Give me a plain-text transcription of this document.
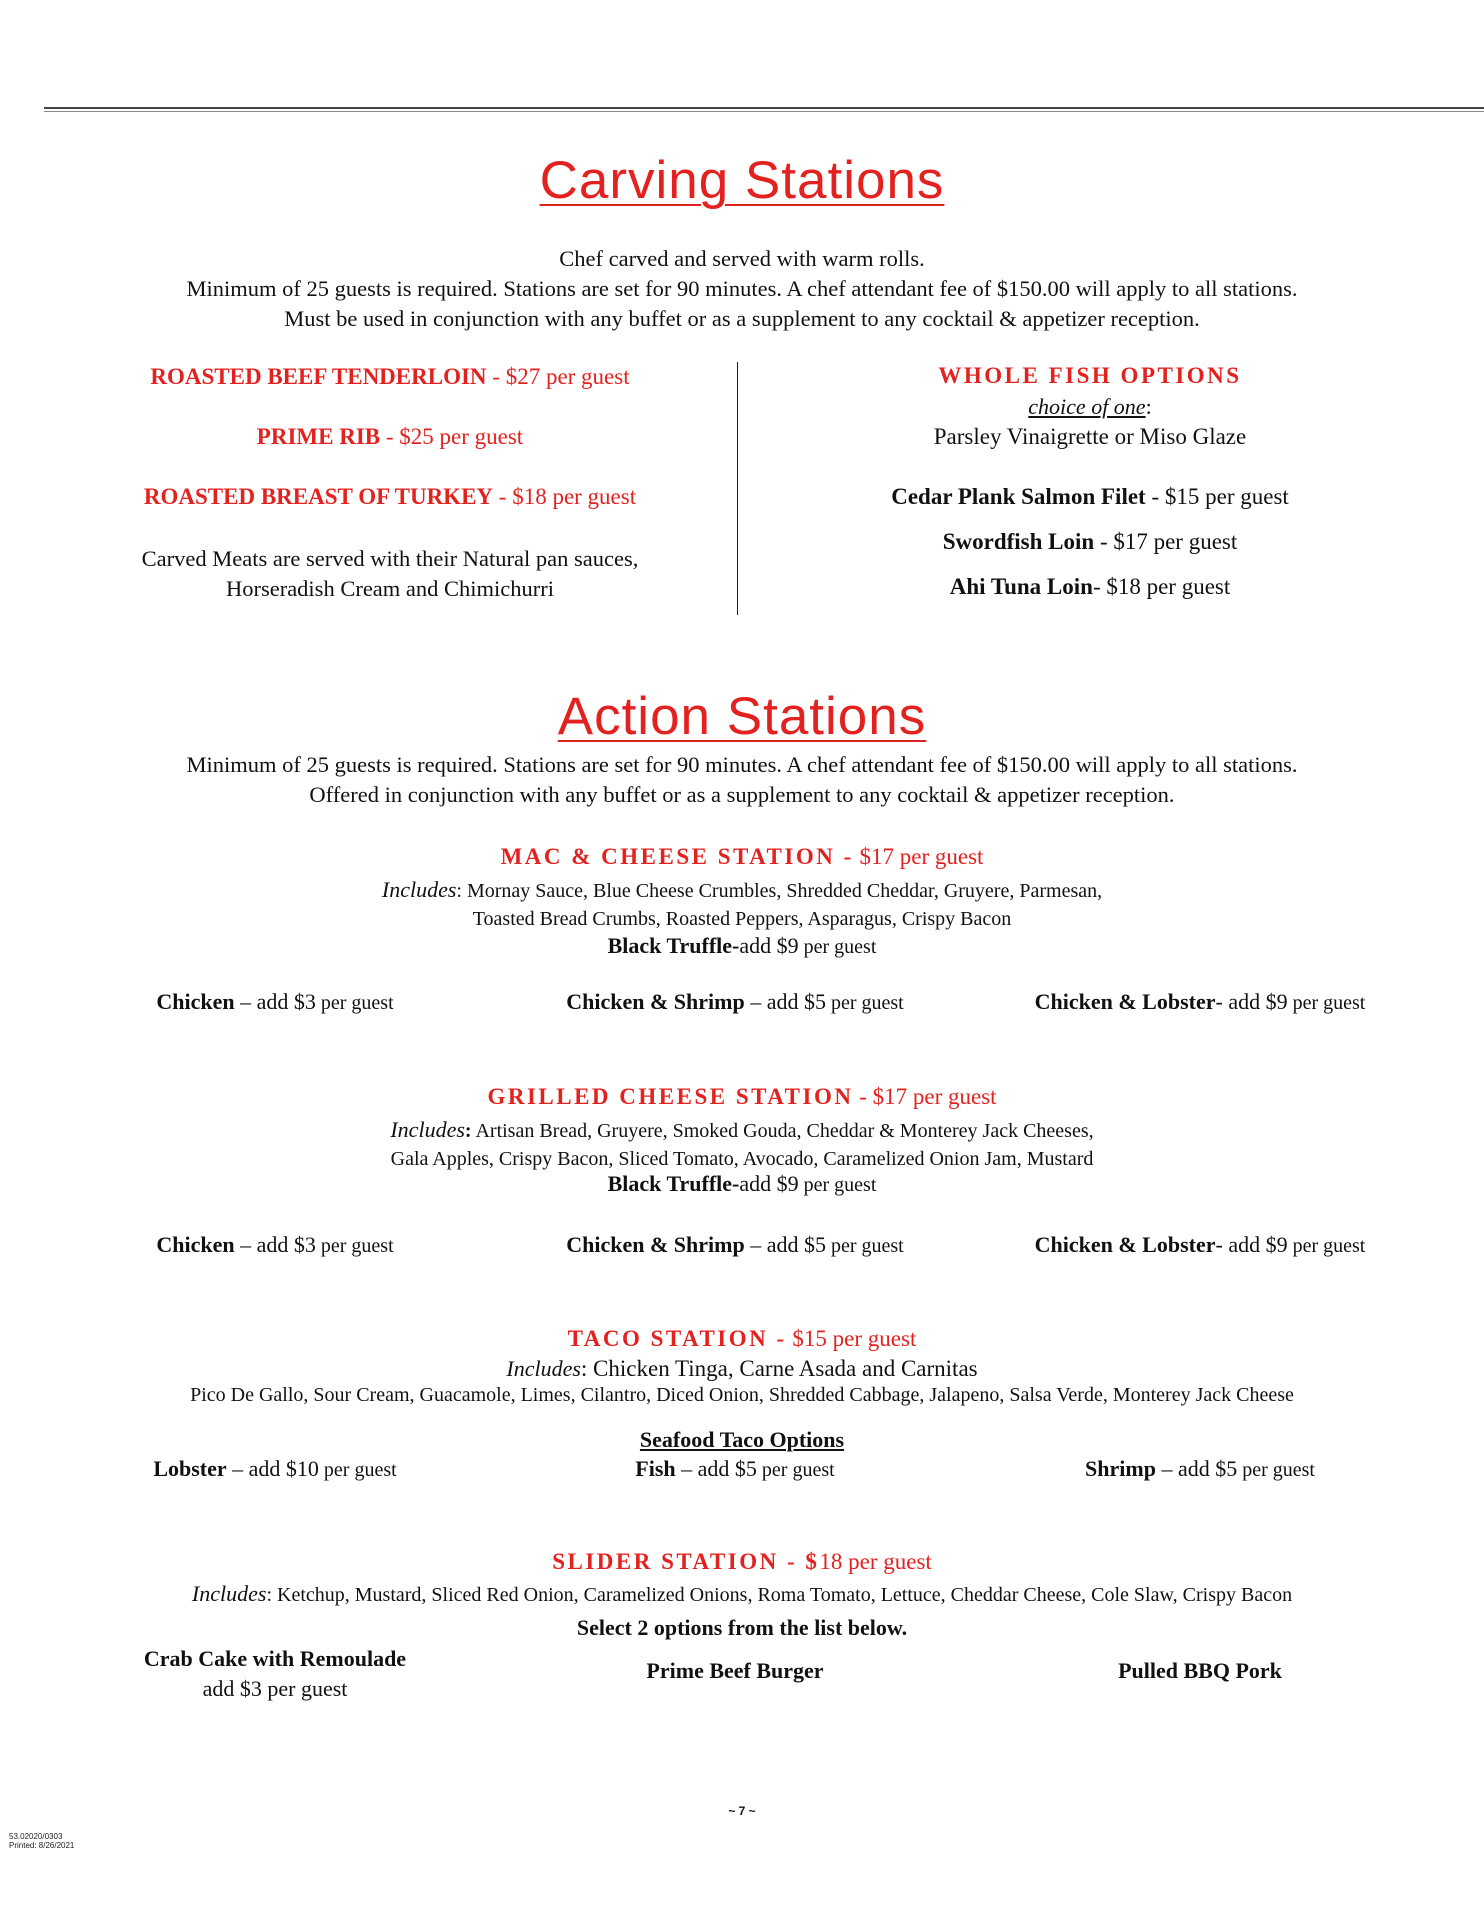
Carving Stations
Chef carved and served with warm rolls.
Minimum of 25 guests is required. Stations are set for 90 minutes. A chef attendant fee of $150.00 will apply to all stations.
Must be used in conjunction with any buffet or as a supplement to any cocktail & appetizer reception.
ROASTED BEEF TENDERLOIN - $27 per guest
PRIME RIB - $25 per guest
ROASTED BREAST OF TURKEY - $18 per guest
Carved Meats are served with their Natural pan sauces,
Horseradish Cream and Chimichurri
WHOLE FISH OPTIONS
choice of one:
Parsley Vinaigrette or Miso Glaze
Cedar Plank Salmon Filet - $15 per guest
Swordfish Loin - $17 per guest
Ahi Tuna Loin- $18 per guest
Action Stations
Minimum of 25 guests is required. Stations are set for 90 minutes. A chef attendant fee of $150.00 will apply to all stations.
Offered in conjunction with any buffet or as a supplement to any cocktail & appetizer reception.
MAC & CHEESE STATION - $17 per guest
Includes: Mornay Sauce, Blue Cheese Crumbles, Shredded Cheddar, Gruyere, Parmesan,
Toasted Bread Crumbs, Roasted Peppers, Asparagus, Crispy Bacon
Black Truffle-add $9 per guest
Chicken – add $3 per guest	Chicken & Shrimp – add $5 per guest	Chicken & Lobster- add $9 per guest
GRILLED CHEESE STATION - $17 per guest
Includes: Artisan Bread, Gruyere, Smoked Gouda, Cheddar & Monterey Jack Cheeses,
Gala Apples, Crispy Bacon, Sliced Tomato, Avocado, Caramelized Onion Jam, Mustard
Black Truffle-add $9 per guest
Chicken – add $3 per guest	Chicken & Shrimp – add $5 per guest	Chicken & Lobster- add $9 per guest
TACO STATION - $15 per guest
Includes: Chicken Tinga, Carne Asada and Carnitas
Pico De Gallo, Sour Cream, Guacamole, Limes, Cilantro, Diced Onion, Shredded Cabbage, Jalapeno, Salsa Verde, Monterey Jack Cheese
Seafood Taco Options
Lobster – add $10 per guest	Fish – add $5 per guest	Shrimp – add $5 per guest
SLIDER STATION - $18 per guest
Includes: Ketchup, Mustard, Sliced Red Onion, Caramelized Onions, Roma Tomato, Lettuce, Cheddar Cheese, Cole Slaw, Crispy Bacon
Select 2 options from the list below.
Crab Cake with Remoulade
add $3 per guest
Prime Beef Burger	Pulled BBQ Pork
~ 7 ~
53.02020/0303
Printed: 8/26/2021
